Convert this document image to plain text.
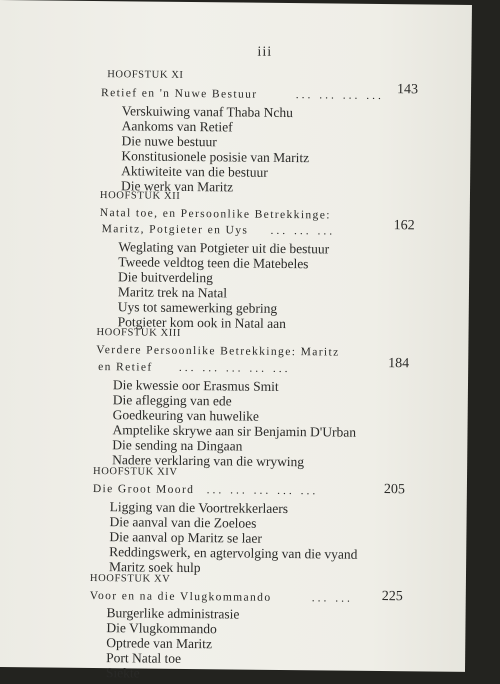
iii
HOOFSTUK XI
Retief en 'n Nuwe Bestuur	... ... ... ... 143
Verskuiwing vanaf Thaba Nchu
Aankoms van Retief
Die nuwe bestuur
Konstitusionele posisie van Maritz
Aktiwiteite van die bestuur
Die werk van Maritz
HOOFSTUK XII
Natal toe, en Persoonlike Betrekkinge:
Maritz, Potgieter en Uys ... ... ...	162
Weglating van Potgieter uit die bestuur
Tweede veldtog teen die Matebeles
Die buitverdeling
Maritz trek na Natal
Uys tot samewerking gebring
Potgieter kom ook in Natal aan
HOOFSTUK XIII
Verdere Persoonlike Betrekkinge: Maritz
en Retief ... ... ... ... ...	184
Die kwessie oor Erasmus Smit
Die aflegging van ede
Goedkeuring van huwelike
Amptelike skrywe aan sir Benjamin D'Urban
Die sending na Dingaan
Nadere verklaring van die wrywing
HOOFSTUK XIV
Die Groot Moord ... ... ... ... ...	205
Ligging van die Voortrekkerlaers
Die aanval van die Zoeloes
Die aanval op Maritz se laer
Reddingswerk, en agtervolging van die vyand
Maritz soek hulp
HOOFSTUK XV
Voor en na die Vlugkommando	... ... 225
Burgerlike administrasie
Die Vlugkommando
Optrede van Maritz
Port Natal toe
Siekte
